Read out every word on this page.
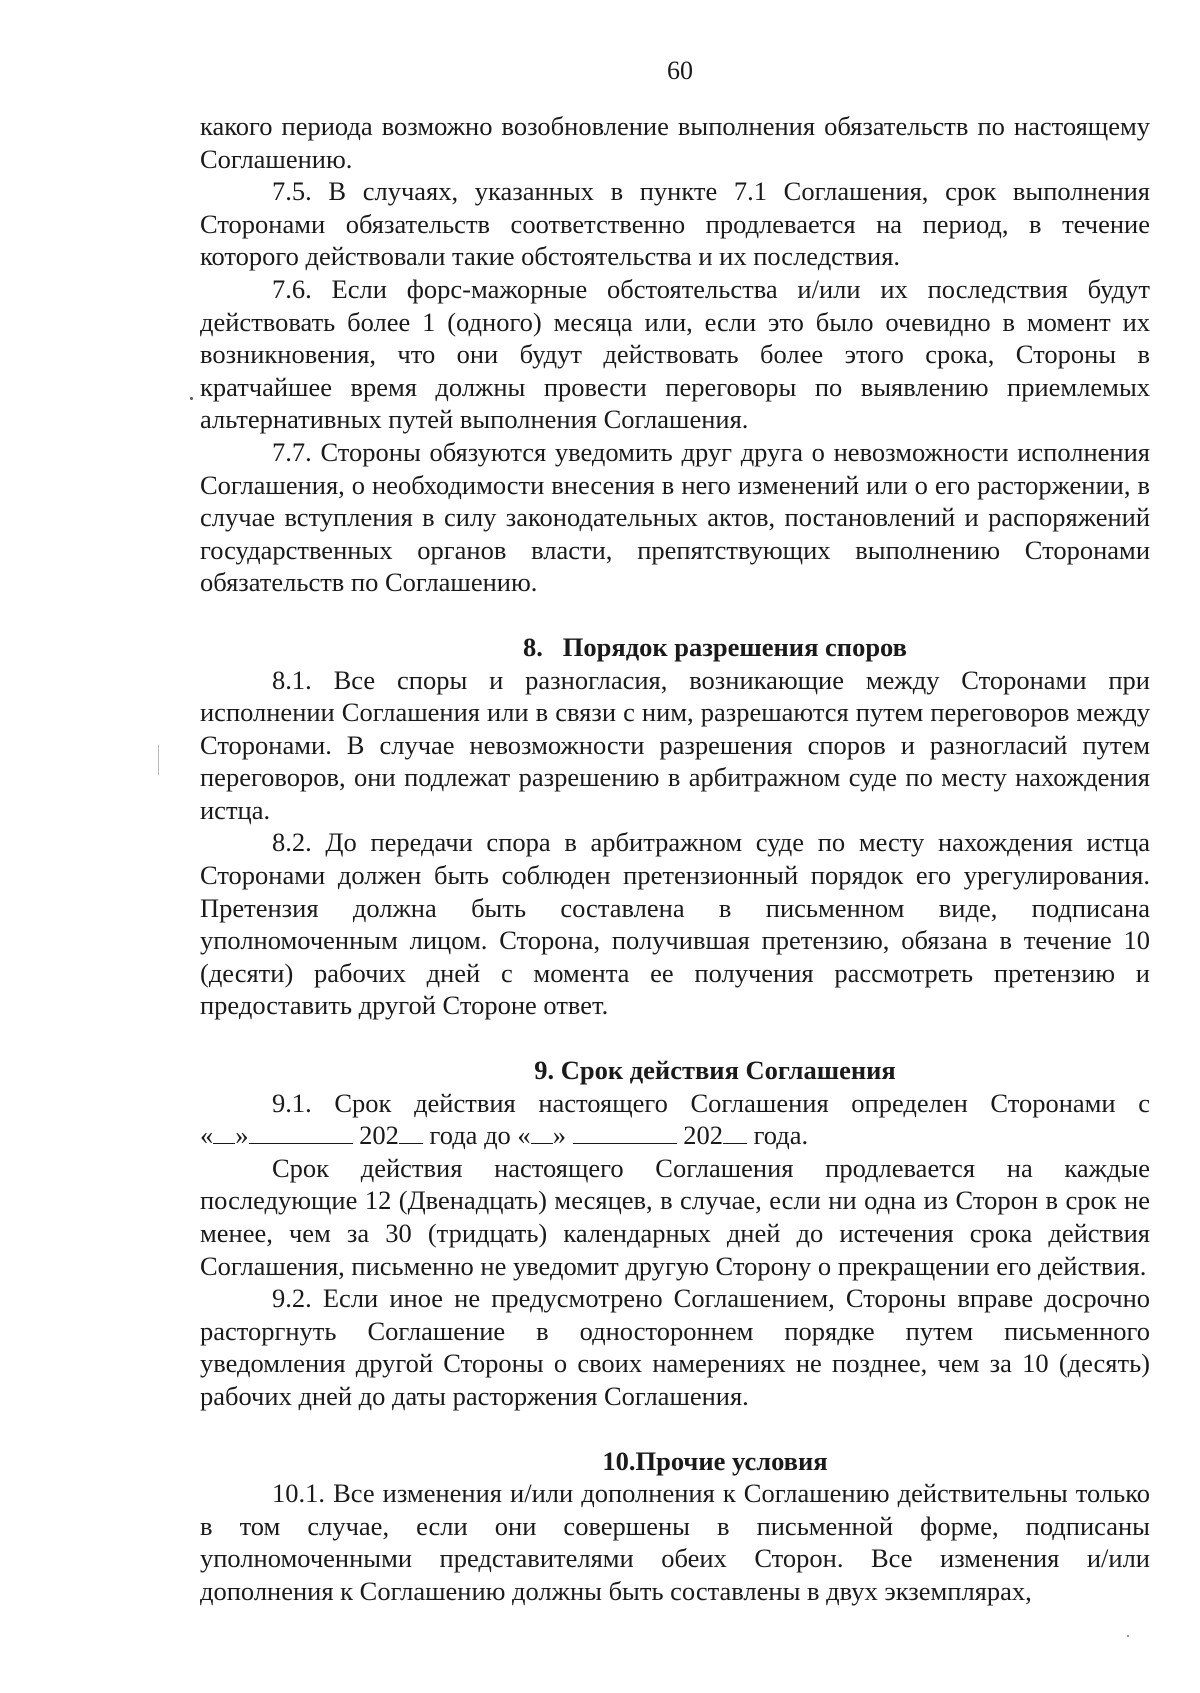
60

какого периода возможно возобновление выполнения обязательств по настоящему Соглашению.

7.5. В случаях, указанных в пункте 7.1 Соглашения, срок выполнения Сторонами обязательств соответственно продлевается на период, в течение которого действовали такие обстоятельства и их последствия.

7.6. Если форс-мажорные обстоятельства и/или их последствия будут действовать более 1 (одного) месяца или, если это было очевидно в момент их возникновения, что они будут действовать более этого срока, Стороны в кратчайшее время должны провести переговоры по выявлению приемлемых альтернативных путей выполнения Соглашения.

7.7. Стороны обязуются уведомить друг друга о невозможности исполнения Соглашения, о необходимости внесения в него изменений или о его расторжении, в случае вступления в силу законодательных актов, постановлений и распоряжений государственных органов власти, препятствующих выполнению Сторонами обязательств по Соглашению.

8.   Порядок разрешения споров

8.1. Все споры и разногласия, возникающие между Сторонами при исполнении Соглашения или в связи с ним, разрешаются путем переговоров между Сторонами. В случае невозможности разрешения споров и разногласий путем переговоров, они подлежат разрешению в арбитражном суде по месту нахождения истца.

8.2. До передачи спора в арбитражном суде по месту нахождения истца Сторонами должен быть соблюден претензионный порядок его урегулирования. Претензия должна быть составлена в письменном виде, подписана уполномоченным лицом. Сторона, получившая претензию, обязана в течение 10 (десяти) рабочих дней с момента ее получения рассмотреть претензию и предоставить другой Стороне ответ.

9. Срок действия Соглашения

9.1. Срок действия настоящего Соглашения определен Сторонами с

« »	202 года до « »	202 года.

Срок действия настоящего Соглашения продлевается на каждые последующие 12 (Двенадцать) месяцев, в случае, если ни одна из Сторон в срок не менее, чем за 30 (тридцать) календарных дней до истечения срока действия Соглашения, письменно не уведомит другую Сторону о прекращении его действия.

9.2. Если иное не предусмотрено Соглашением, Стороны вправе досрочно расторгнуть Соглашение в одностороннем порядке путем письменного уведомления другой Стороны о своих намерениях не позднее, чем за 10 (десять) рабочих дней до даты расторжения Соглашения.

10.Прочие условия

10.1. Все изменения и/или дополнения к Соглашению действительны только в том случае, если они совершены в письменной форме, подписаны уполномоченными представителями обеих Сторон. Все изменения и/или дополнения к Соглашению должны быть составлены в двух экземплярах,
